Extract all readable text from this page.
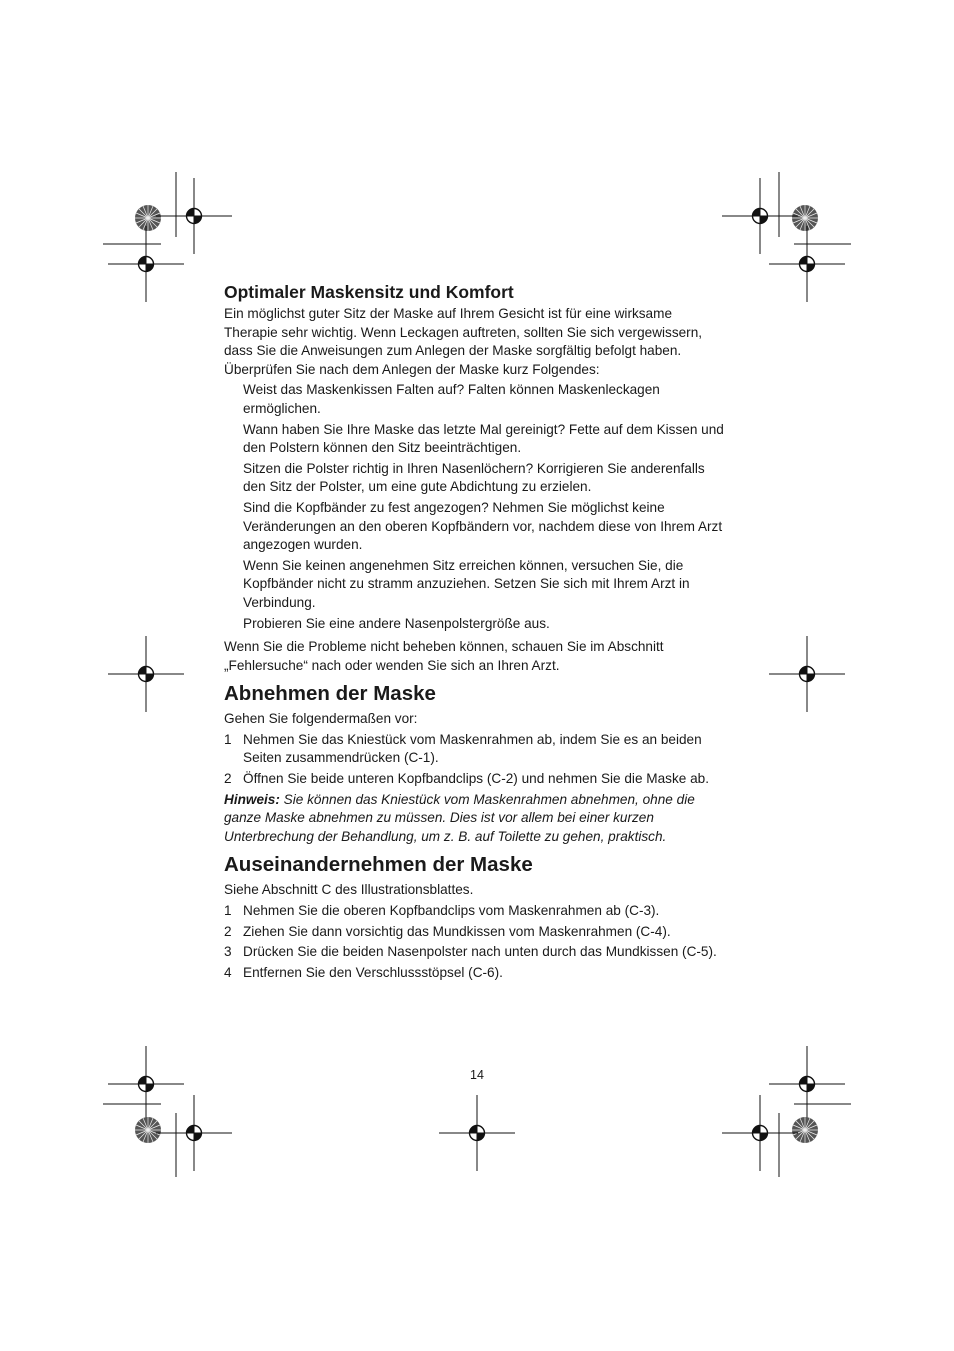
Optimaler Maskensitz und Komfort

Ein möglichst guter Sitz der Maske auf Ihrem Gesicht ist für eine wirksame Therapie sehr wichtig. Wenn Leckagen auftreten, sollten Sie sich vergewissern, dass Sie die Anweisungen zum Anlegen der Maske sorgfältig befolgt haben. Überprüfen Sie nach dem Anlegen der Maske kurz Folgendes:

Weist das Maskenkissen Falten auf? Falten können Maskenleckagen ermöglichen.

Wann haben Sie Ihre Maske das letzte Mal gereinigt? Fette auf dem Kissen und den Polstern können den Sitz beeinträchtigen.

Sitzen die Polster richtig in Ihren Nasenlöchern? Korrigieren Sie anderenfalls den Sitz der Polster, um eine gute Abdichtung zu erzielen.

Sind die Kopfbänder zu fest angezogen? Nehmen Sie möglichst keine Veränderungen an den oberen Kopfbändern vor, nachdem diese von Ihrem Arzt angezogen wurden.

Wenn Sie keinen angenehmen Sitz erreichen können, versuchen Sie, die Kopfbänder nicht zu stramm anzuziehen. Setzen Sie sich mit Ihrem Arzt in Verbindung.

Probieren Sie eine andere Nasenpolstergröße aus.

Wenn Sie die Probleme nicht beheben können, schauen Sie im Abschnitt „Fehlersuche“ nach oder wenden Sie sich an Ihren Arzt.

Abnehmen der Maske

Gehen Sie folgendermaßen vor:

1 Nehmen Sie das Kniestück vom Maskenrahmen ab, indem Sie es an beiden Seiten zusammendrücken (C-1).

2 Öffnen Sie beide unteren Kopfbandclips (C-2) und nehmen Sie die Maske ab.

Hinweis: Sie können das Kniestück vom Maskenrahmen abnehmen, ohne die ganze Maske abnehmen zu müssen. Dies ist vor allem bei einer kurzen Unterbrechung der Behandlung, um z. B. auf Toilette zu gehen, praktisch.

Auseinandernehmen der Maske

Siehe Abschnitt C des Illustrationsblattes.

1 Nehmen Sie die oberen Kopfbandclips vom Maskenrahmen ab (C-3).

2 Ziehen Sie dann vorsichtig das Mundkissen vom Maskenrahmen (C-4).

3 Drücken Sie die beiden Nasenpolster nach unten durch das Mundkissen (C-5).

4 Entfernen Sie den Verschlussstöpsel (C-6).

14
